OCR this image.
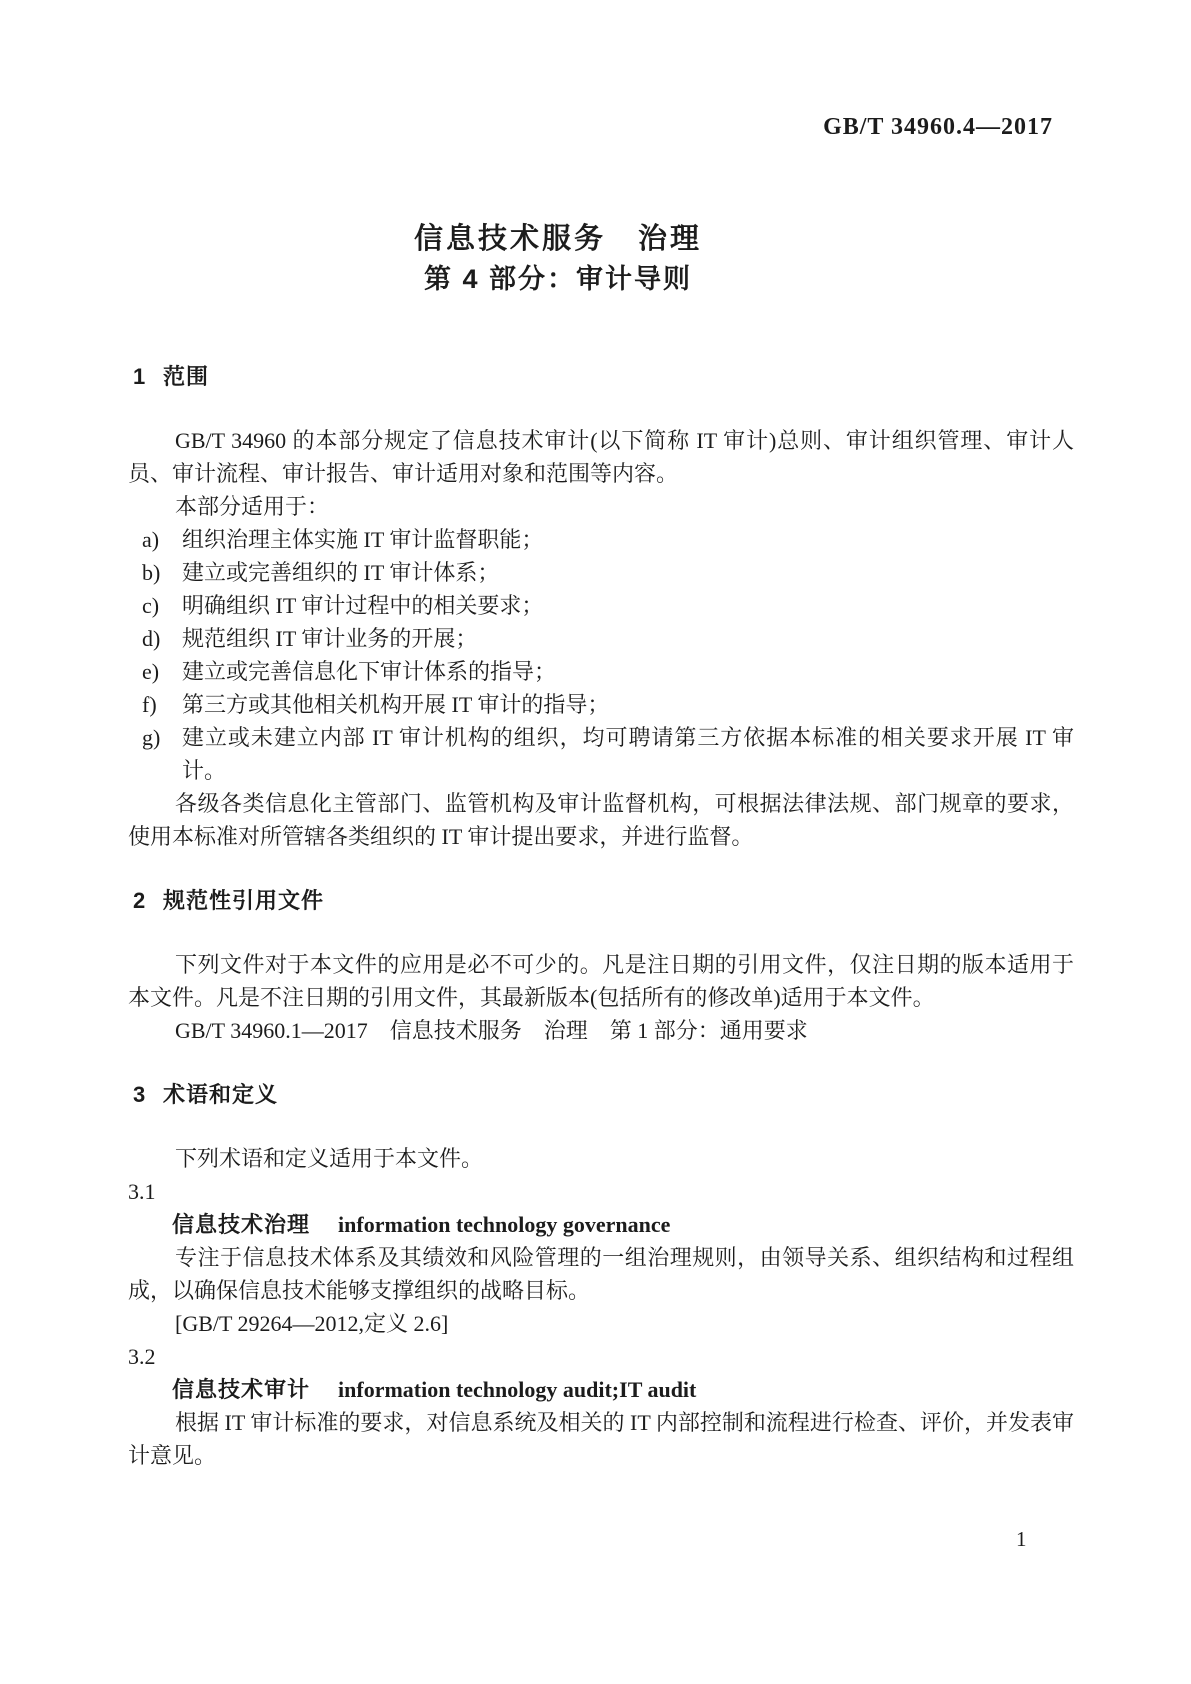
GB/T 34960.4—2017
信息技术服务　治理
第 4 部分：审计导则
1 范围
GB/T 34960 的本部分规定了信息技术审计(以下简称 IT 审计)总则、审计组织管理、审计人员、审计流程、审计报告、审计适用对象和范围等内容。
本部分适用于：
a)	组织治理主体实施 IT 审计监督职能；
b) 建立或完善组织的 IT 审计体系；
c)	明确组织 IT 审计过程中的相关要求；
d) 规范组织 IT 审计业务的开展；
e)	建立或完善信息化下审计体系的指导；
f)	第三方或其他相关机构开展 IT 审计的指导；
g) 建立或未建立内部 IT 审计机构的组织，均可聘请第三方依据本标准的相关要求开展 IT 审计。
各级各类信息化主管部门、监管机构及审计监督机构，可根据法律法规、部门规章的要求，使用本标准对所管辖各类组织的 IT 审计提出要求，并进行监督。
2 规范性引用文件
下列文件对于本文件的应用是必不可少的。凡是注日期的引用文件，仅注日期的版本适用于本文件。凡是不注日期的引用文件，其最新版本(包括所有的修改单)适用于本文件。
GB/T 34960.1—2017　信息技术服务　治理　第 1 部分：通用要求
3 术语和定义
下列术语和定义适用于本文件。
3.1
信息技术治理 information technology governance
专注于信息技术体系及其绩效和风险管理的一组治理规则，由领导关系、组织结构和过程组成，以确保信息技术能够支撑组织的战略目标。
[GB/T 29264—2012,定义 2.6]
3.2
信息技术审计 information technology audit;IT audit
根据 IT 审计标准的要求，对信息系统及相关的 IT 内部控制和流程进行检查、评价，并发表审计意见。
1
